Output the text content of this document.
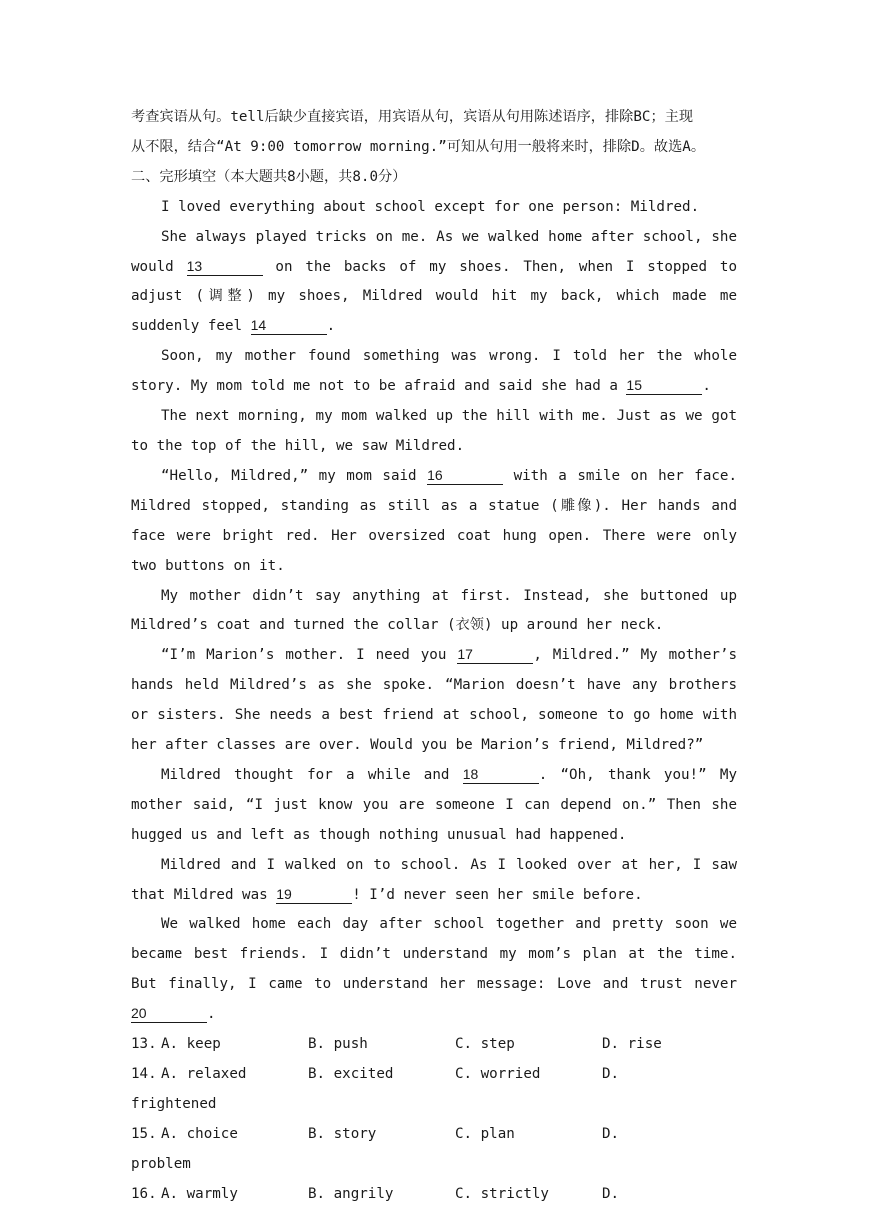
考查宾语从句。tell后缺少直接宾语，用宾语从句，宾语从句用陈述语序，排除BC；主现

从不限，结合“At 9:00 tomorrow morning.”可知从句用一般将来时，排除D。故选A。

二、完形填空（本大题共8小题，共8.0分）

I loved everything about school except for one person: Mildred.

She always played tricks on me. As we walked home after school, she would 13	on the backs of my shoes. Then, when I stopped to adjust (调整) my shoes, Mildred would hit my back, which made me suddenly feel 14	.

Soon, my mother found something was wrong. I told her the whole story. My mom told me not to be afraid and said she had a 15	.

The next morning, my mom walked up the hill with me. Just as we got to the top of the hill, we saw Mildred.

“Hello, Mildred,” my mom said 16	with a smile on her face. Mildred stopped, standing as still as a statue (雕像). Her hands and face were bright red. Her oversized coat hung open. There were only two buttons on it.

My mother didn’t say anything at first. Instead, she buttoned up Mildred’s coat and turned the collar (衣领) up around her neck.

“I’m Marion’s mother. I need you 17	, Mildred.” My mother’s hands held Mildred’s as she spoke. “Marion doesn’t have any brothers or sisters. She needs a best friend at school, someone to go home with her after classes are over. Would you be Marion’s friend, Mildred?”

Mildred thought for a while and 18	. “Oh, thank you!” My mother said, “I just know you are someone I can depend on.” Then she hugged us and left as though nothing unusual had happened.

Mildred and I walked on to school. As I looked over at her, I saw that Mildred was 19	! I’d never seen her smile before.

We walked home each day after school together and pretty soon we became best friends. I didn’t understand my mom’s plan at the time. But finally, I came to understand her message: Love and trust never 20	.

13. A. keep	B. push	C. step	D. rise
14. A. relaxed	B. excited	C. worried	D.

frightened

15. A. choice	B. story	C. plan	D.

problem

16. A. warmly	B. angrily	C. strictly	D.
